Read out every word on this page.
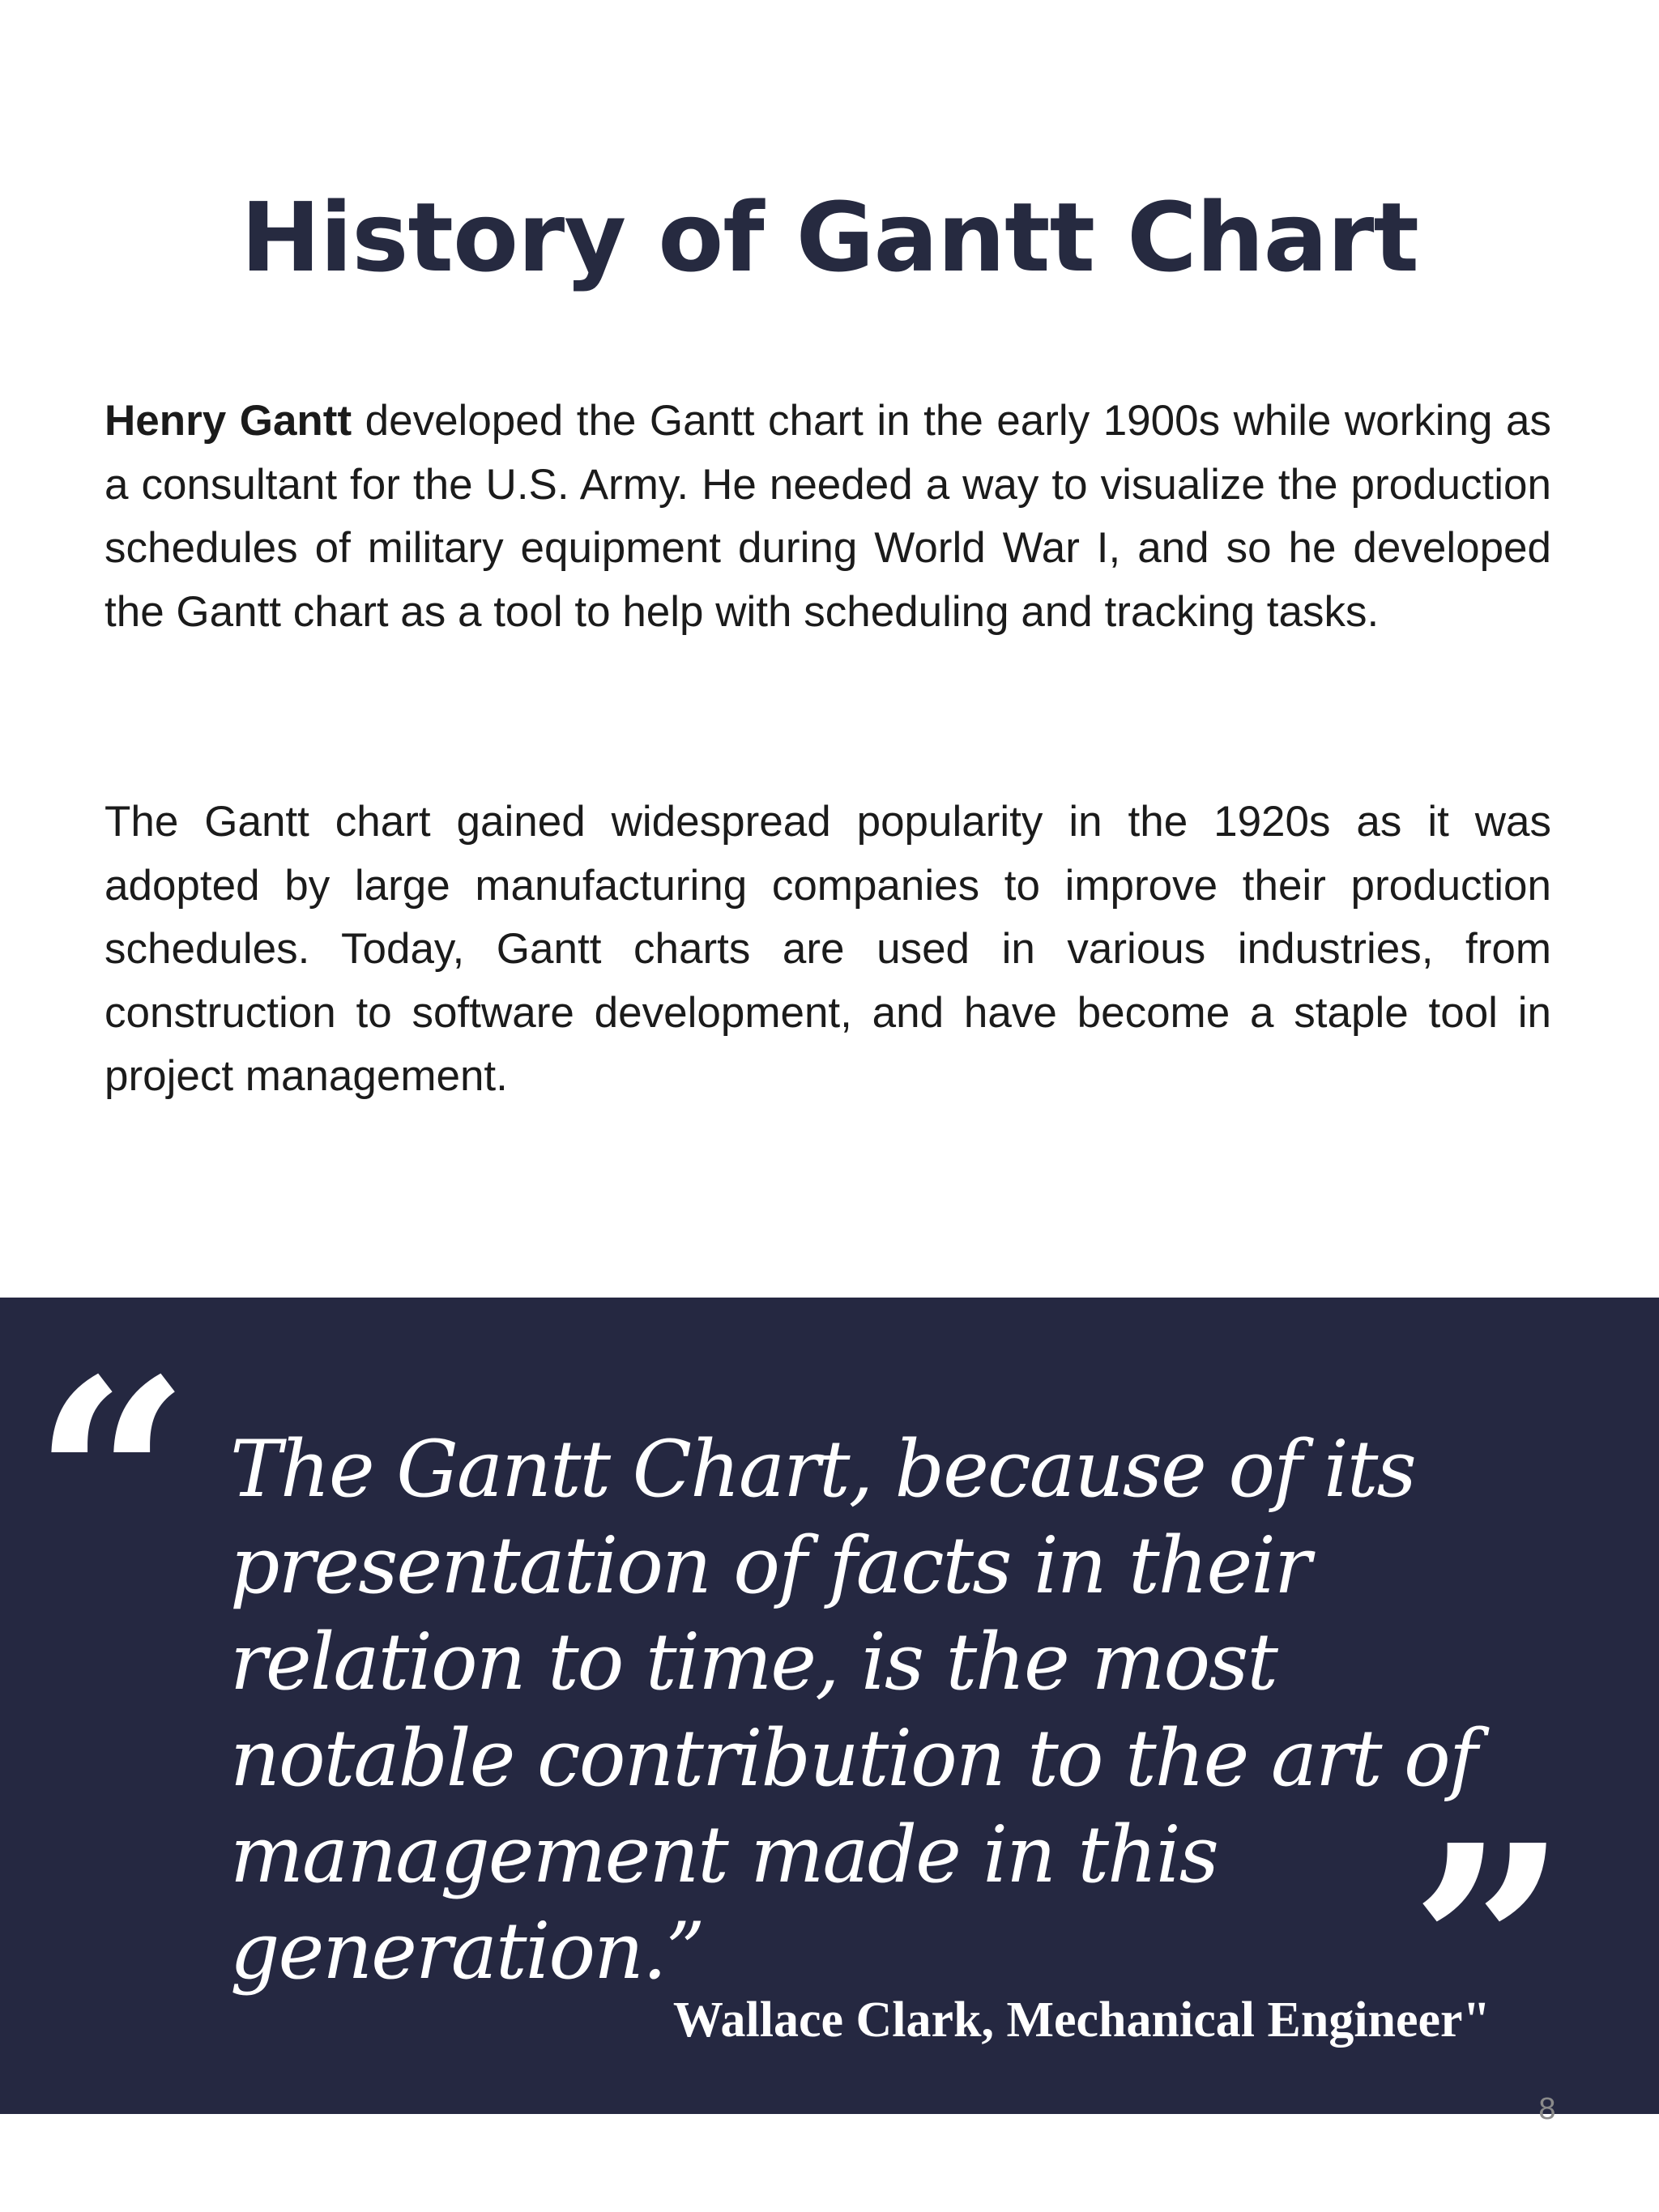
History of Gantt Chart

Henry Gantt developed the Gantt chart in the early 1900s while working as a consultant for the U.S. Army. He needed a way to visualize the production schedules of military equipment during World War I, and so he developed the Gantt chart as a tool to help with scheduling and tracking tasks.

The Gantt chart gained widespread popularity in the 1920s as it was adopted by large manufacturing companies to improve their production schedules. Today, Gantt charts are used in various industries, from construction to software development, and have become a staple tool in project management.

“ The Gantt Chart, because of its presentation of facts in their relation to time, is the most notable contribution to the art of management made in this generation.”	”

Wallace Clark, Mechanical Engineer"

8
